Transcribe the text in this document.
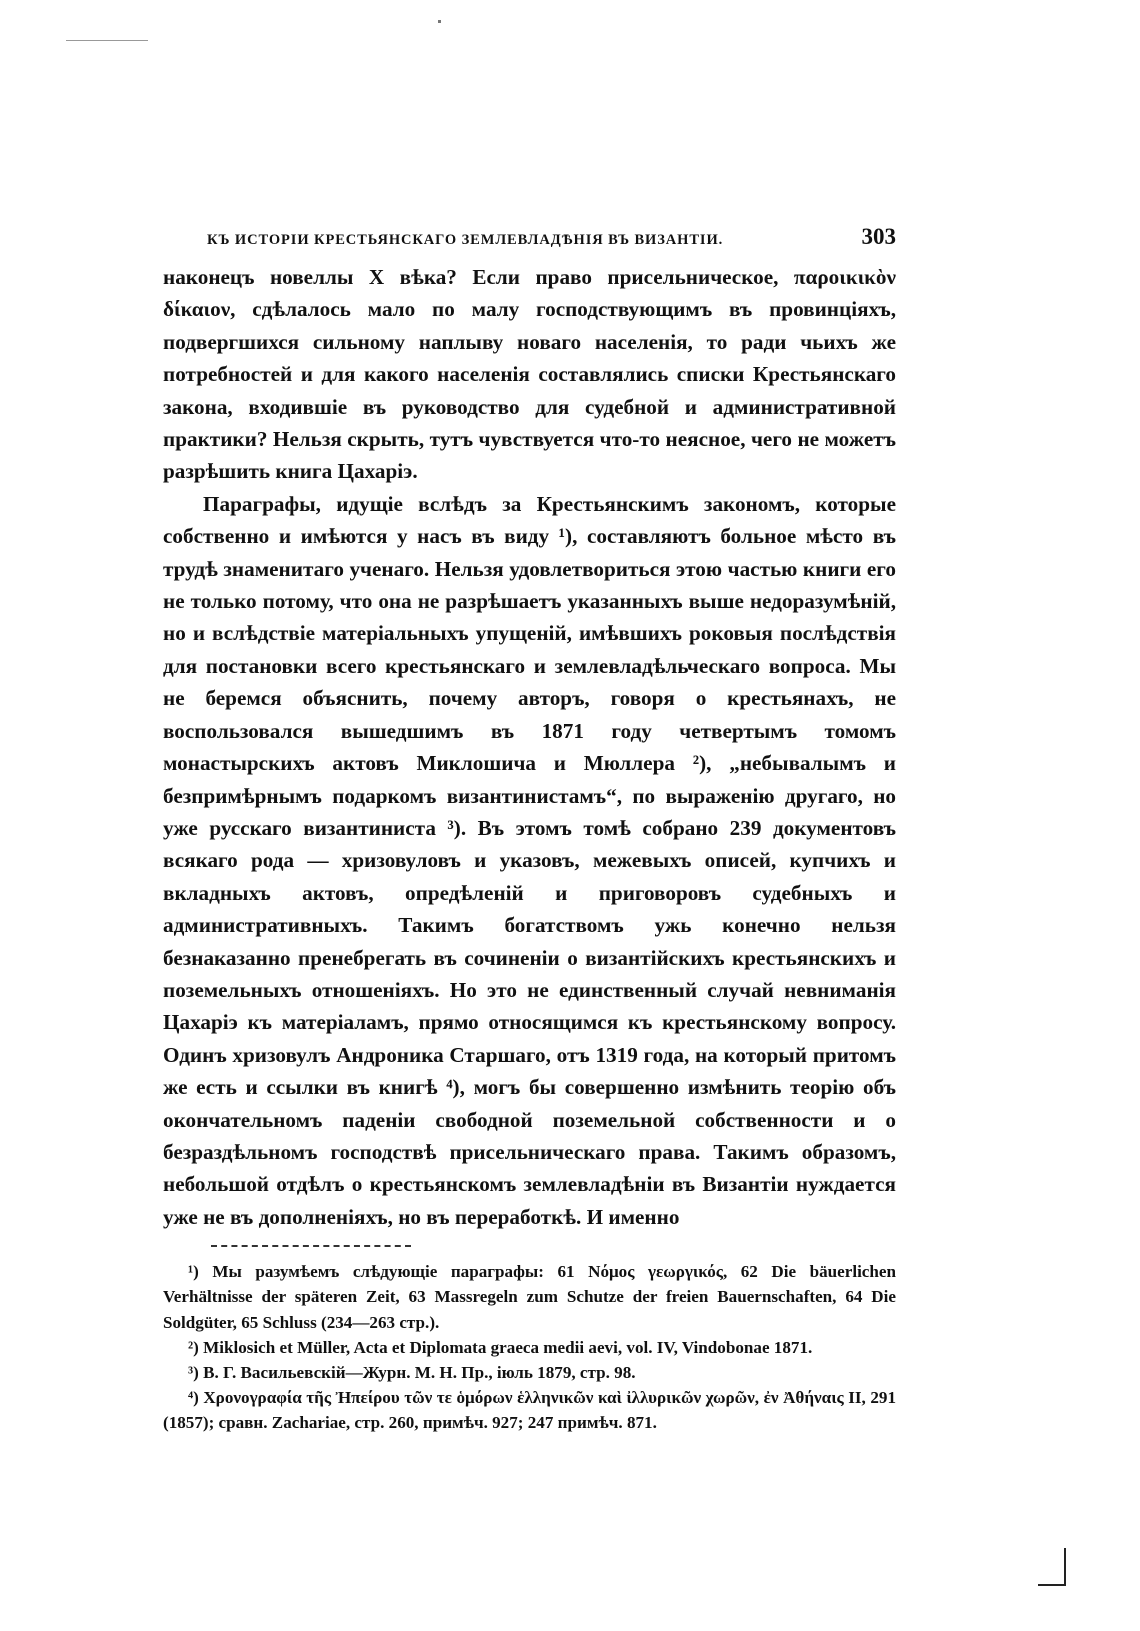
КЪ ИСТОРІИ КРЕСТЬЯНСКАГО ЗЕМЛЕВЛАДѢНІЯ ВЪ ВИЗАНТІИ.	303

наконецъ новеллы X вѣка? Если право присельническое, παροικικὸν δίκαιον, сдѣлалось мало по малу господствующимъ въ провинціяхъ, подвергшихся сильному наплыву новаго населенія, то ради чьихъ же потребностей и для какого населенія составлялись списки Крестьянскаго закона, входившіе въ руководство для судебной и административной практики? Нельзя скрыть, тутъ чувствуется что-то неясное, чего не можетъ разрѣшить книга Цахаріэ.

Параграфы, идущіе вслѣдъ за Крестьянскимъ закономъ, которые собственно и имѣются у насъ въ виду ¹), составляютъ больное мѣсто въ трудѣ знаменитаго ученаго. Нельзя удовлетвориться этою частью книги его не только потому, что она не разрѣшаетъ указанныхъ выше недоразумѣній, но и вслѣдствіе матеріальныхъ упущеній, имѣвшихъ роковыя послѣдствія для постановки всего крестьянскаго и землевладѣльческаго вопроса. Мы не беремся объяснить, почему авторъ, говоря о крестьянахъ, не воспользовался вышедшимъ въ 1871 году четвертымъ томомъ монастырскихъ актовъ Миклошича и Мюллера ²), „небывалымъ и безпримѣрнымъ подаркомъ византинистамъ“, по выраженію другаго, но уже русскаго византиниста ³). Въ этомъ томѣ собрано 239 документовъ всякаго рода — хризовуловъ и указовъ, межевыхъ описей, купчихъ и вкладныхъ актовъ, опредѣленій и приговоровъ судебныхъ и административныхъ. Такимъ богатствомъ ужь конечно нельзя безнаказанно пренебрегать въ сочиненіи о византійскихъ крестьянскихъ и поземельныхъ отношеніяхъ. Но это не единственный случай невниманія Цахаріэ къ матеріаламъ, прямо относящимся къ крестьянскому вопросу. Одинъ хризовулъ Андроника Старшаго, отъ 1319 года, на который притомъ же есть и ссылки въ книгѣ ⁴), могъ бы совершенно измѣнить теорію объ окончательномъ паденіи свободной поземельной собственности и о безраздѣльномъ господствѣ присельническаго права. Такимъ образомъ, небольшой отдѣлъ о крестьянскомъ землевладѣніи въ Византіи нуждается уже не въ дополненіяхъ, но въ переработкѣ. И именно

¹) Мы разумѣемъ слѣдующіе параграфы: 61 Νόμος γεωργικός, 62 Die bäuerlichen Verhältnisse der späteren Zeit, 63 Massregeln zum Schutze der freien Bauernschaften, 64 Die Soldgüter, 65 Schluss (234—263 стр.).

²) Miklosich et Müller, Acta et Diplomata graeca medii aevi, vol. IV, Vindobonae 1871.

³) В. Г. Васильевскій—Журн. М. Н. Пр., іюль 1879, стр. 98.

⁴) Χρονογραφία τῆς Ἠπείρου τῶν τε ὁμόρων ἑλληνικῶν καὶ ἰλλυρικῶν χωρῶν, ἐν Ἀθήναις II, 291 (1857); сравн. Zachariae, стр. 260, примѣч. 927; 247 примѣч. 871.
